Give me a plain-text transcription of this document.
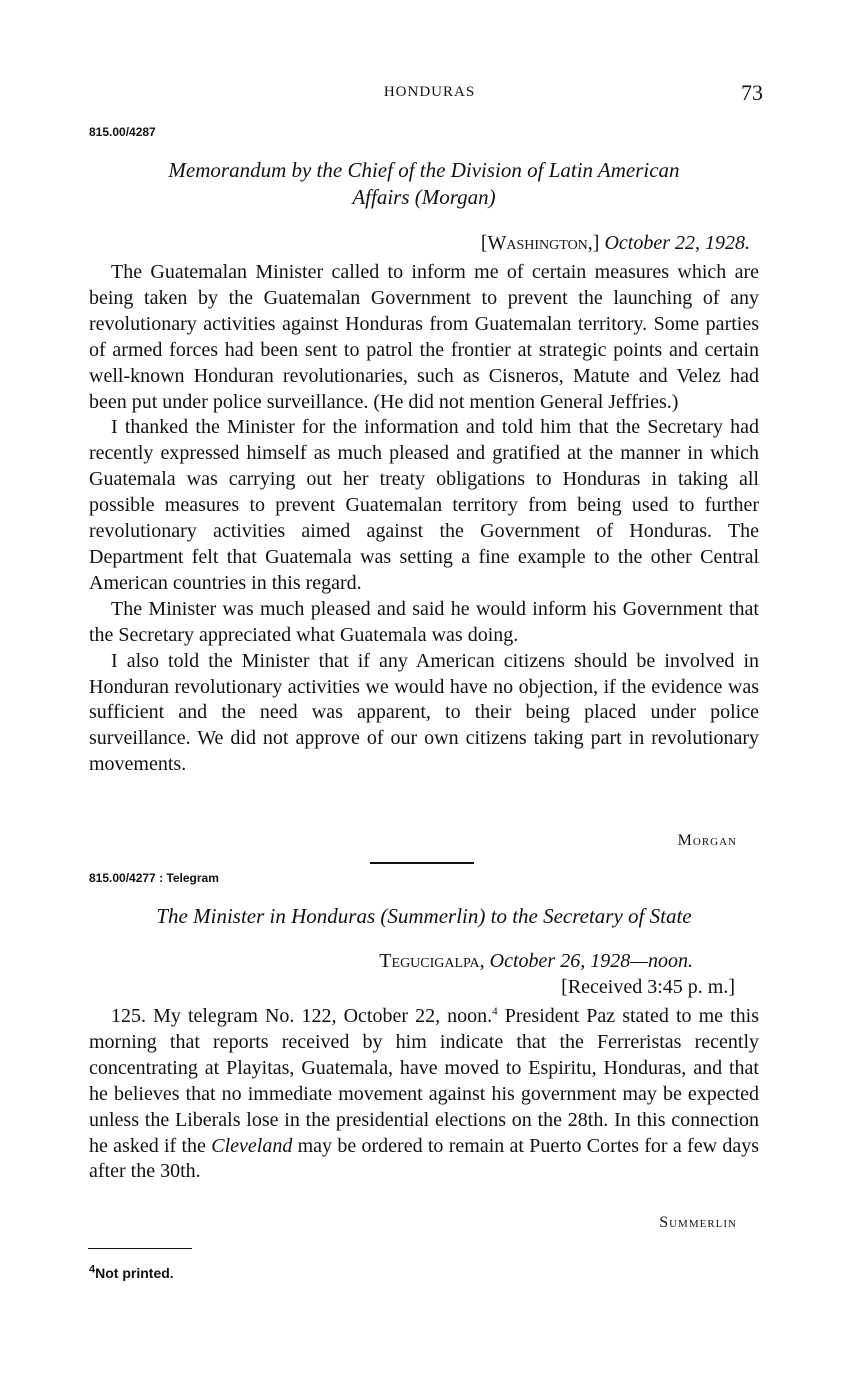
HONDURAS	73
815.00/4287
Memorandum by the Chief of the Division of Latin American
Affairs (Morgan)
[Washington,] October 22, 1928.

The Guatemalan Minister called to inform me of certain measures which are being taken by the Guatemalan Government to prevent the launching of any revolutionary activities against Honduras from Guatemalan territory. Some parties of armed forces had been sent to patrol the frontier at strategic points and certain well-known Honduran revolutionaries, such as Cisneros, Matute and Velez had been put under police surveillance. (He did not mention General Jeffries.)

I thanked the Minister for the information and told him that the Secretary had recently expressed himself as much pleased and gratified at the manner in which Guatemala was carrying out her treaty obligations to Honduras in taking all possible measures to prevent Guatemalan territory from being used to further revolutionary activities aimed against the Government of Honduras. The Department felt that Guatemala was setting a fine example to the other Central American countries in this regard.

The Minister was much pleased and said he would inform his Government that the Secretary appreciated what Guatemala was doing.

I also told the Minister that if any American citizens should be involved in Honduran revolutionary activities we would have no objection, if the evidence was sufficient and the need was apparent, to their being placed under police surveillance. We did not approve of our own citizens taking part in revolutionary movements.

Morgan
815.00/4277 : Telegram
The Minister in Honduras (Summerlin) to the Secretary of State
Tegucigalpa, October 26, 1928—noon.
[Received 3:45 p. m.]

125. My telegram No. 122, October 22, noon.$^4$ President Paz stated to me this morning that reports received by him indicate that the Ferreristas recently concentrating at Playitas, Guatemala, have moved to Espiritu, Honduras, and that he believes that no immediate movement against his government may be expected unless the Liberals lose in the presidential elections on the 28th. In this connection he asked if the Cleveland may be ordered to remain at Puerto Cortes for a few days after the 30th.

Summerlin
$^4$Not printed.
